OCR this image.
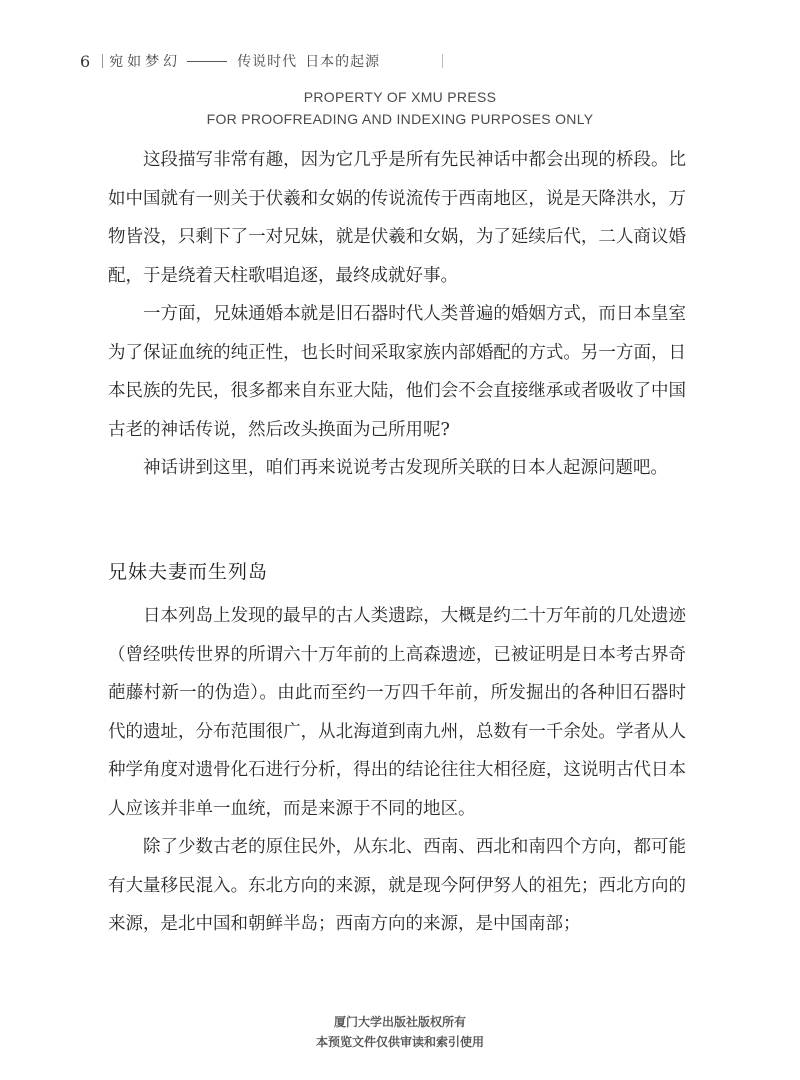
6 宛如梦幻	传说时代 日本的起源
PROPERTY OF XMU PRESS
FOR PROOFREADING AND INDEXING PURPOSES ONLY

这段描写非常有趣，因为它几乎是所有先民神话中都会出现的桥段。比如中国就有一则关于伏羲和女娲的传说流传于西南地区，说是天降洪水，万物皆没，只剩下了一对兄妹，就是伏羲和女娲，为了延续后代，二人商议婚配，于是绕着天柱歌唱追逐，最终成就好事。

一方面，兄妹通婚本就是旧石器时代人类普遍的婚姻方式，而日本皇室为了保证血统的纯正性，也长时间采取家族内部婚配的方式。另一方面，日本民族的先民，很多都来自东亚大陆，他们会不会直接继承或者吸收了中国古老的神话传说，然后改头换面为己所用呢?

神话讲到这里，咱们再来说说考古发现所关联的日本人起源问题吧。

兄妹夫妻而生列岛

日本列岛上发现的最早的古人类遗踪，大概是约二十万年前的几处遗迹（曾经哄传世界的所谓六十万年前的上高森遗迹，已被证明是日本考古界奇葩藤村新一的伪造）。由此而至约一万四千年前，所发掘出的各种旧石器时代的遗址，分布范围很广，从北海道到南九州，总数有一千余处。学者从人种学角度对遗骨化石进行分析，得出的结论往往大相径庭，这说明古代日本人应该并非单一血统，而是来源于不同的地区。

除了少数古老的原住民外，从东北、西南、西北和南四个方向，都可能有大量移民混入。东北方向的来源，就是现今阿伊努人的祖先；西北方向的来源，是北中国和朝鲜半岛；西南方向的来源，是中国南部；

厦门大学出版社版权所有
本预览文件仅供审读和索引使用
